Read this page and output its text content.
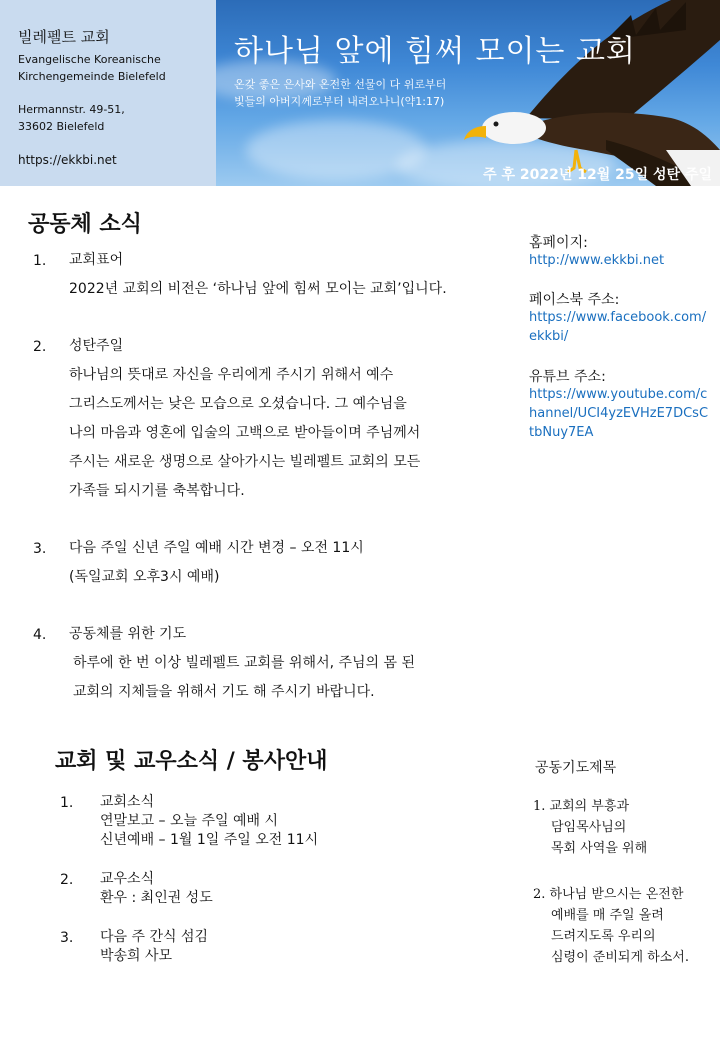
빌레펠트 교회
Evangelische Koreanische
Kirchengemeinde Bielefeld
Hermannstr. 49-51,
33602 Bielefeld
https://ekkbi.net
하나님 앞에 힘써 모이는 교회
온갖 좋은 은사와 온전한 선물이 다 위로부터
빛들의 아버지께로부터 내려오나니(약1:17)
주 후 2022년 12월 25일 성탄 주일
공동체 소식
1. 교회표어
2022년 교회의 비전은 ‘하나님 앞에 힘써 모이는 교회’입니다.
2. 성탄주일
하나님의 뜻대로 자신을 우리에게 주시기 위해서 예수
그리스도께서는 낮은 모습으로 오셨습니다. 그 예수님을
나의 마음과 영혼에 입술의 고백으로 받아들이며 주님께서
주시는 새로운 생명으로 살아가시는 빌레펠트 교회의 모든
가족들 되시기를 축복합니다.
3. 다음 주일 신년 주일 예배 시간 변경 – 오전 11시
(독일교회 오후3시 예배)
4. 공동체를 위한 기도
하루에 한 번 이상 빌레펠트 교회를 위해서, 주님의 몸 된
교회의 지체들을 위해서 기도 해 주시기 바랍니다.
홈페이지:
http://www.ekkbi.net
페이스북 주소:
https://www.facebook.com/ekkbi/
유튜브 주소:
https://www.youtube.com/channel/UCI4yzEVHzE7DCsCtbNuy7EA
교회 및 교우소식 / 봉사안내
1. 교회소식
연말보고 – 오늘 주일 예배 시
신년예배 – 1월 1일 주일 오전 11시
2. 교우소식
환우 : 최인권 성도
3. 다음 주 간식 섬김
박송희 사모
공동기도제목
1. 교회의 부흥과
담임목사님의
목회 사역을 위해
2. 하나님 받으시는 온전한
예배를 매 주일 올려
드려지도록 우리의
심령이 준비되게 하소서.
